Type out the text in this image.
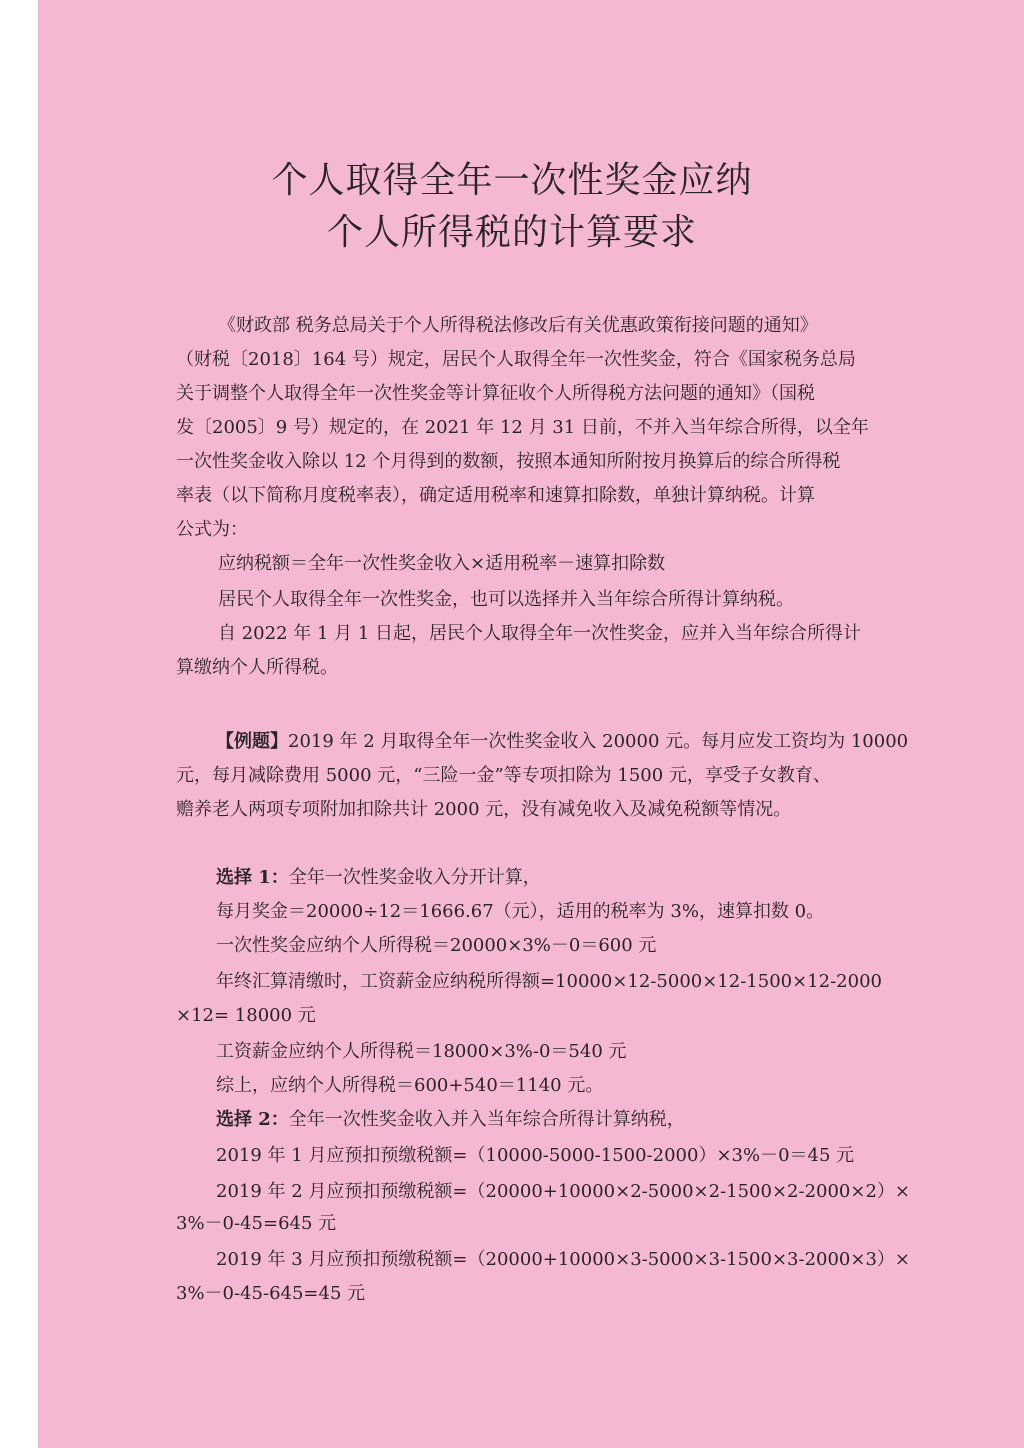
个人取得全年一次性奖金应纳
个人所得税的计算要求
《财政部 税务总局关于个人所得税法修改后有关优惠政策衔接问题的通知》
（财税〔2018〕164 号）规定，居民个人取得全年一次性奖金，符合《国家税务总局
关于调整个人取得全年一次性奖金等计算征收个人所得税方法问题的通知》（国税
发〔2005〕9 号）规定的，在 2021 年 12 月 31 日前，不并入当年综合所得，以全年
一次性奖金收入除以 12 个月得到的数额，按照本通知所附按月换算后的综合所得税
率表（以下简称月度税率表），确定适用税率和速算扣除数，单独计算纳税。计算
公式为：
应纳税额＝全年一次性奖金收入×适用税率－速算扣除数
居民个人取得全年一次性奖金，也可以选择并入当年综合所得计算纳税。
自 2022 年 1 月 1 日起，居民个人取得全年一次性奖金，应并入当年综合所得计
算缴纳个人所得税。
【例题】2019 年 2 月取得全年一次性奖金收入 20000 元。每月应发工资均为 10000
元，每月减除费用 5000 元，“三险一金”等专项扣除为 1500 元，享受子女教育、
赡养老人两项专项附加扣除共计 2000 元，没有减免收入及减免税额等情况。
选择 1：全年一次性奖金收入分开计算，
每月奖金＝20000÷12＝1666.67（元），适用的税率为 3%，速算扣数 0。
一次性奖金应纳个人所得税＝20000×3%－0＝600 元
年终汇算清缴时，工资薪金应纳税所得额=10000×12-5000×12-1500×12-2000
×12= 18000 元
工资薪金应纳个人所得税＝18000×3%-0＝540 元
综上，应纳个人所得税＝600+540＝1140 元。
选择 2：全年一次性奖金收入并入当年综合所得计算纳税，
2019 年 1 月应预扣预缴税额=（10000-5000-1500-2000）×3%－0＝45 元
2019 年 2 月应预扣预缴税额=（20000+10000×2-5000×2-1500×2-2000×2）×
3%－0-45=645 元
2019 年 3 月应预扣预缴税额=（20000+10000×3-5000×3-1500×3-2000×3）×
3%－0-45-645=45 元
